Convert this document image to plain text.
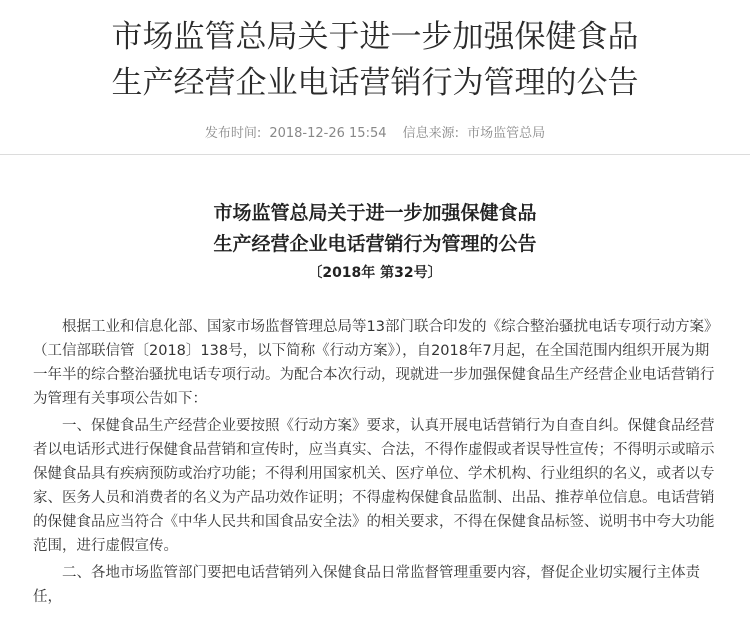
市场监管总局关于进一步加强保健食品
生产经营企业电话营销行为管理的公告
发布时间: 2018-12-26 15:54 信息来源: 市场监管总局
市场监管总局关于进一步加强保健食品
生产经营企业电话营销行为管理的公告
〔2018年 第32号〕

根据工业和信息化部、国家市场监督管理总局等13部门联合印发的《综合整治骚扰电话专项行动方案》（工信部联信管〔2018〕138号，以下简称《行动方案》），自2018年7月起，在全国范围内组织开展为期一年半的综合整治骚扰电话专项行动。为配合本次行动，现就进一步加强保健食品生产经营企业电话营销行为管理有关事项公告如下：

一、保健食品生产经营企业要按照《行动方案》要求，认真开展电话营销行为自查自纠。保健食品经营者以电话形式进行保健食品营销和宣传时，应当真实、合法，不得作虚假或者误导性宣传；不得明示或暗示保健食品具有疾病预防或治疗功能；不得利用国家机关、医疗单位、学术机构、行业组织的名义，或者以专家、医务人员和消费者的名义为产品功效作证明；不得虚构保健食品监制、出品、推荐单位信息。电话营销的保健食品应当符合《中华人民共和国食品安全法》的相关要求，不得在保健食品标签、说明书中夸大功能范围，进行虚假宣传。

二、各地市场监管部门要把电话营销列入保健食品日常监督管理重要内容，督促企业切实履行主体责任，
